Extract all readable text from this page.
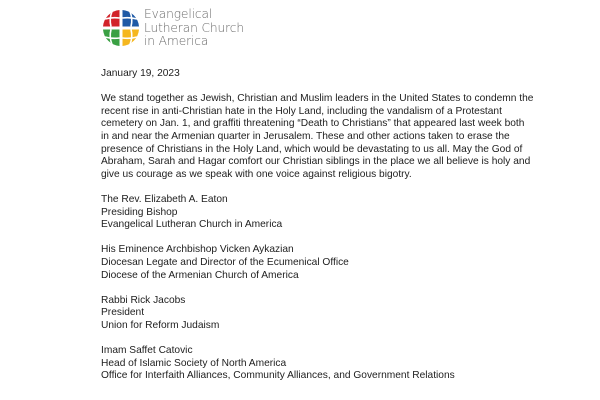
Evangelical
Lutheran Church
in America
January 19, 2023
We stand together as Jewish, Christian and Muslim leaders in the United States to condemn the
recent rise in anti-Christian hate in the Holy Land, including the vandalism of a Protestant
cemetery on Jan. 1, and graffiti threatening “Death to Christians” that appeared last week both
in and near the Armenian quarter in Jerusalem. These and other actions taken to erase the
presence of Christians in the Holy Land, which would be devastating to us all. May the God of
Abraham, Sarah and Hagar comfort our Christian siblings in the place we all believe is holy and
give us courage as we speak with one voice against religious bigotry.
The Rev. Elizabeth A. Eaton
Presiding Bishop
Evangelical Lutheran Church in America
His Eminence Archbishop Vicken Aykazian
Diocesan Legate and Director of the Ecumenical Office
Diocese of the Armenian Church of America
Rabbi Rick Jacobs
President
Union for Reform Judaism
Imam Saffet Catovic
Head of Islamic Society of North America
Office for Interfaith Alliances, Community Alliances, and Government Relations
